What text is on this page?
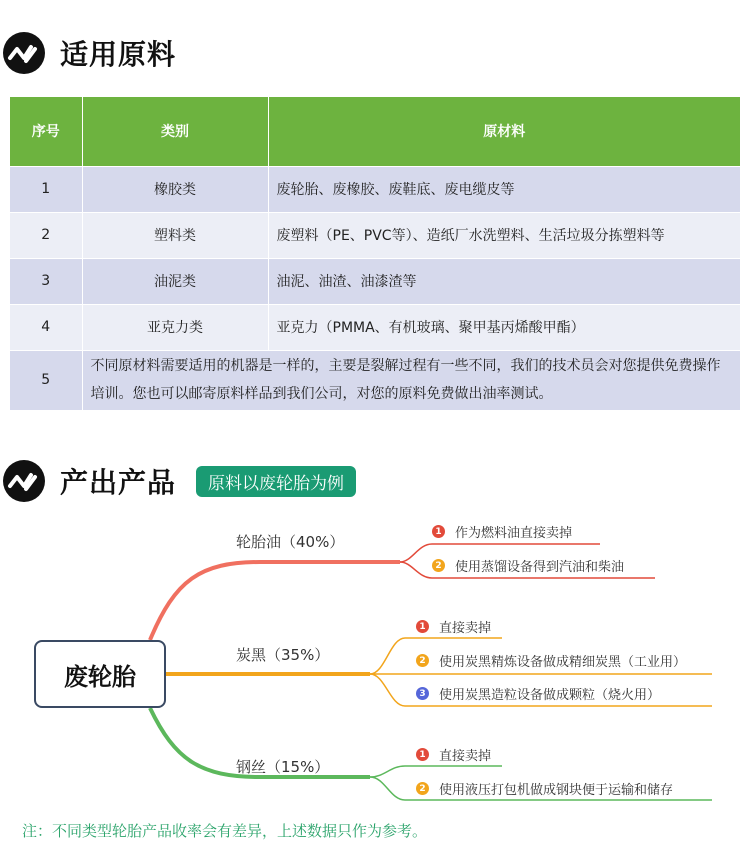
适用原料
序号	类别	原材料
1	橡胶类	废轮胎、废橡胶、废鞋底、废电缆皮等
2	塑料类	废塑料（PE、PVC等）、造纸厂水洗塑料、生活垃圾分拣塑料等
3	油泥类	油泥、油渣、油漆渣等
4	亚克力类	亚克力（PMMA、有机玻璃、聚甲基丙烯酸甲酯）
5	不同原材料需要适用的机器是一样的，主要是裂解过程有一些不同，我们的技术员会对您提供免费操作培训。您也可以邮寄原料样品到我们公司，对您的原料免费做出油率测试。	
产出产品	原料以废轮胎为例
废轮胎
轮胎油（40%）
炭黑（35%）
钢丝（15%）
1 作为燃料油直接卖掉
2 使用蒸馏设备得到汽油和柴油
1 直接卖掉
2 使用炭黑精炼设备做成精细炭黑（工业用）
3 使用炭黑造粒设备做成颗粒（烧火用）
1 直接卖掉
2 使用液压打包机做成钢块便于运输和储存
注：不同类型轮胎产品收率会有差异，上述数据只作为参考。
